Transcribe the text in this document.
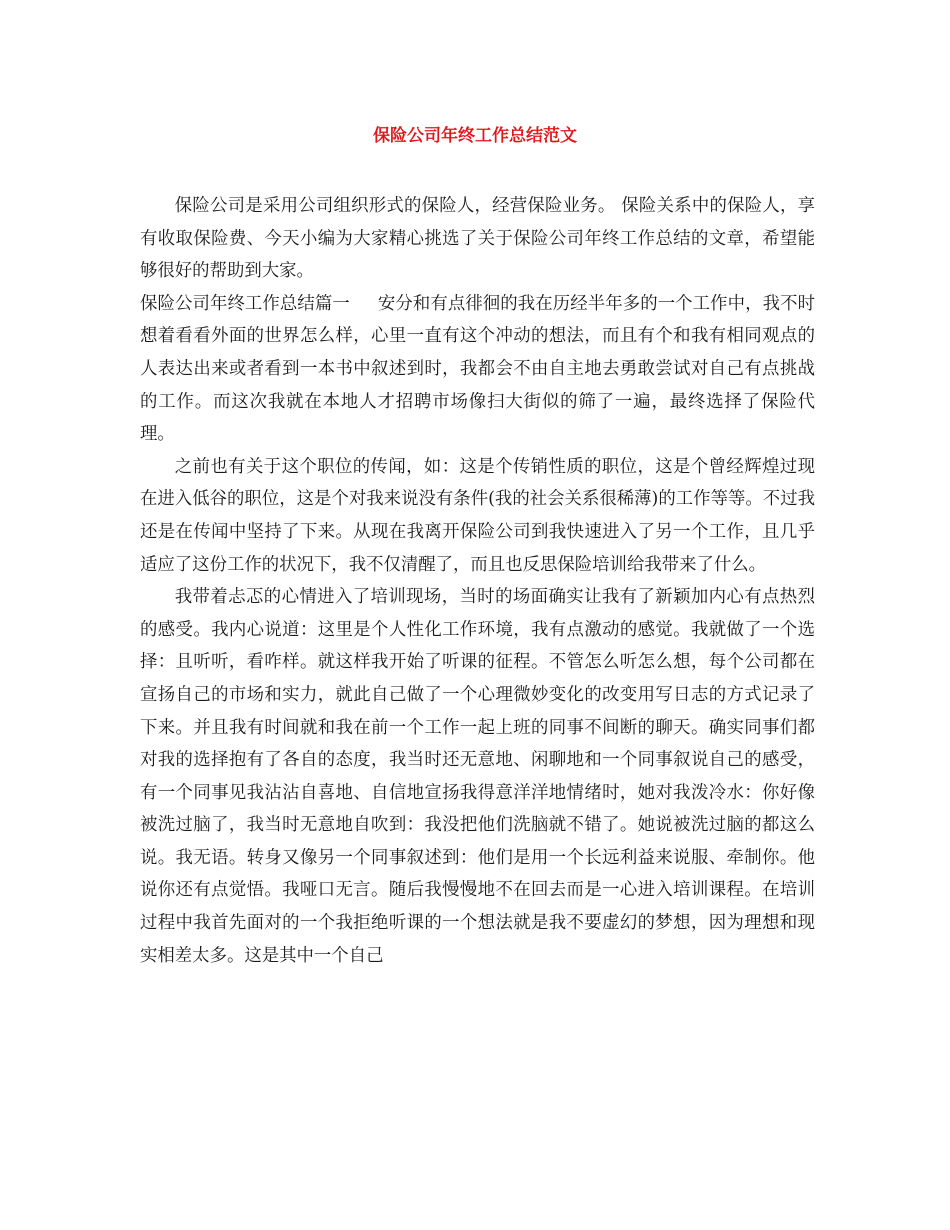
保险公司年终工作总结范文

保险公司是采用公司组织形式的保险人，经营保险业务。 保险关系中的保险人，享有收取保险费、今天小编为大家精心挑选了关于保险公司年终工作总结的文章，希望能够很好的帮助到大家。

保险公司年终工作总结篇一 安分和有点徘徊的我在历经半年多的一个工作中，我不时想着看看外面的世界怎么样，心里一直有这个冲动的想法，而且有个和我有相同观点的人表达出来或者看到一本书中叙述到时，我都会不由自主地去勇敢尝试对自己有点挑战的工作。而这次我就在本地人才招聘市场像扫大街似的筛了一遍，最终选择了保险代理。

之前也有关于这个职位的传闻，如：这是个传销性质的职位，这是个曾经辉煌过现在进入低谷的职位，这是个对我来说没有条件(我的社会关系很稀薄)的工作等等。不过我还是在传闻中坚持了下来。从现在我离开保险公司到我快速进入了另一个工作，且几乎适应了这份工作的状况下，我不仅清醒了，而且也反思保险培训给我带来了什么。

我带着忐忑的心情进入了培训现场，当时的场面确实让我有了新颖加内心有点热烈的感受。我内心说道：这里是个人性化工作环境，我有点激动的感觉。我就做了一个选择：且听听，看咋样。就这样我开始了听课的征程。不管怎么听怎么想，每个公司都在宣扬自己的市场和实力，就此自己做了一个心理微妙变化的改变用写日志的方式记录了下来。并且我有时间就和我在前一个工作一起上班的同事不间断的聊天。确实同事们都对我的选择抱有了各自的态度，我当时还无意地、闲聊地和一个同事叙说自己的感受，有一个同事见我沾沾自喜地、自信地宣扬我得意洋洋地情绪时，她对我泼冷水：你好像被洗过脑了，我当时无意地自吹到：我没把他们洗脑就不错了。她说被洗过脑的都这么说。我无语。转身又像另一个同事叙述到：他们是用一个长远利益来说服、牵制你。他说你还有点觉悟。我哑口无言。随后我慢慢地不在回去而是一心进入培训课程。在培训过程中我首先面对的一个我拒绝听课的一个想法就是我不要虚幻的梦想，因为理想和现实相差太多。这是其中一个自己
